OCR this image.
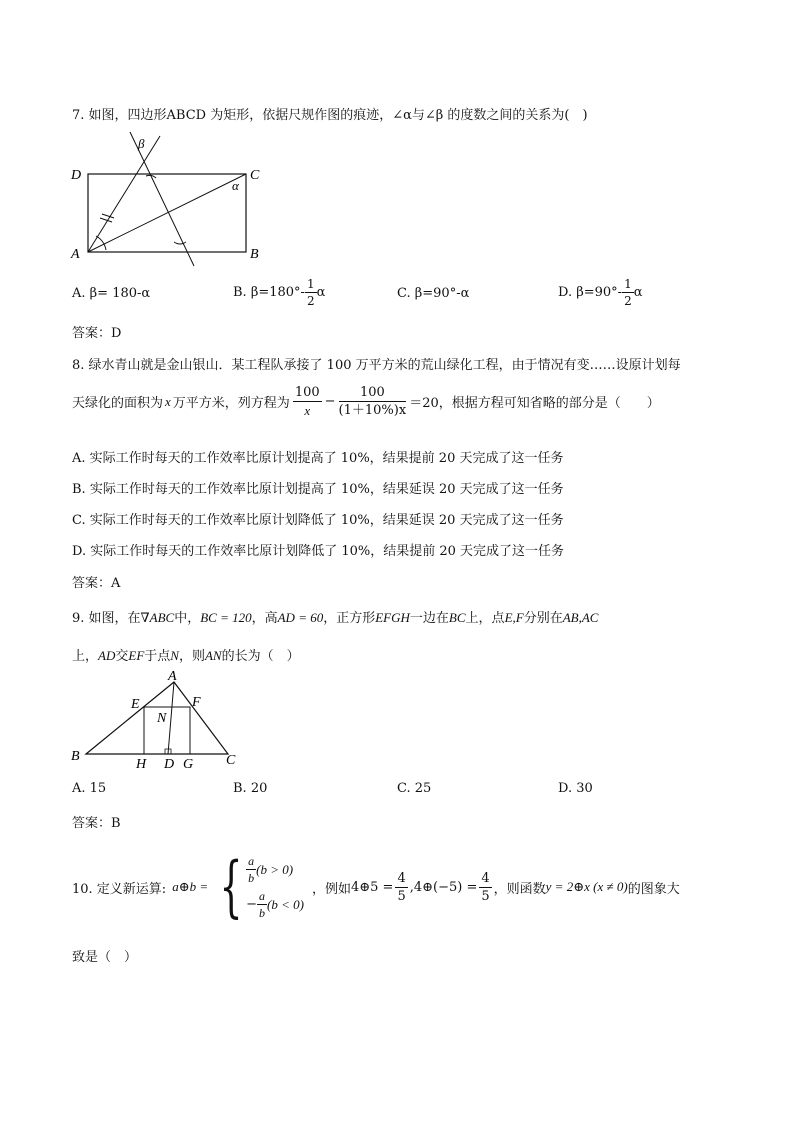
7. 如图，四边形ABCD 为矩形，依据尺规作图的痕迹，∠α与∠β 的度数之间的关系为(　)
D	C
A	B
α
β
A. β= 180-α	B. $\beta=180^\circ- \frac{1}{2}$ α	C. β=90°-α	D. $\beta=90^\circ- \frac{1}{2}$ α
答案：D
8. 绿水青山就是金山银山．某工程队承接了 100 万平方米的荒山绿化工程，由于情况有变……设原计划每
天绿化的面积为 x 万平方米，列方程为 $\frac{100}{x} - \frac{100}{(1+10\%)x} =20$ ，根据方程可知省略的部分是（　　）
A. 实际工作时每天的工作效率比原计划提高了 10%，结果提前 20 天完成了这一任务
B. 实际工作时每天的工作效率比原计划提高了 10%，结果延误 20 天完成了这一任务
C. 实际工作时每天的工作效率比原计划降低了 10%，结果延误 20 天完成了这一任务
D. 实际工作时每天的工作效率比原计划降低了 10%，结果提前 20 天完成了这一任务
答案：A
9. 如图，在∇ABC中，BC = 120，高AD = 60，正方形EFGH一边在BC上，点E,F分别在AB,AC
上，AD交EF于点N，则AN的长为（　）
A
E	F
N
B
H D G C
A. 15	B. 20	C. 25	D. 30
答案：B
10. 定义新运算: a⊕b = { $\frac{a}{b} (b > 0)$
− $\frac{a}{b} (b < 0)$
，例如 4⊕5 = $\frac{4}{5}$ ,4⊕(−5) = $\frac{4}{5}$ ，则函数 y = 2⊕x (x ≠ 0) 的图象大
致是（　）
